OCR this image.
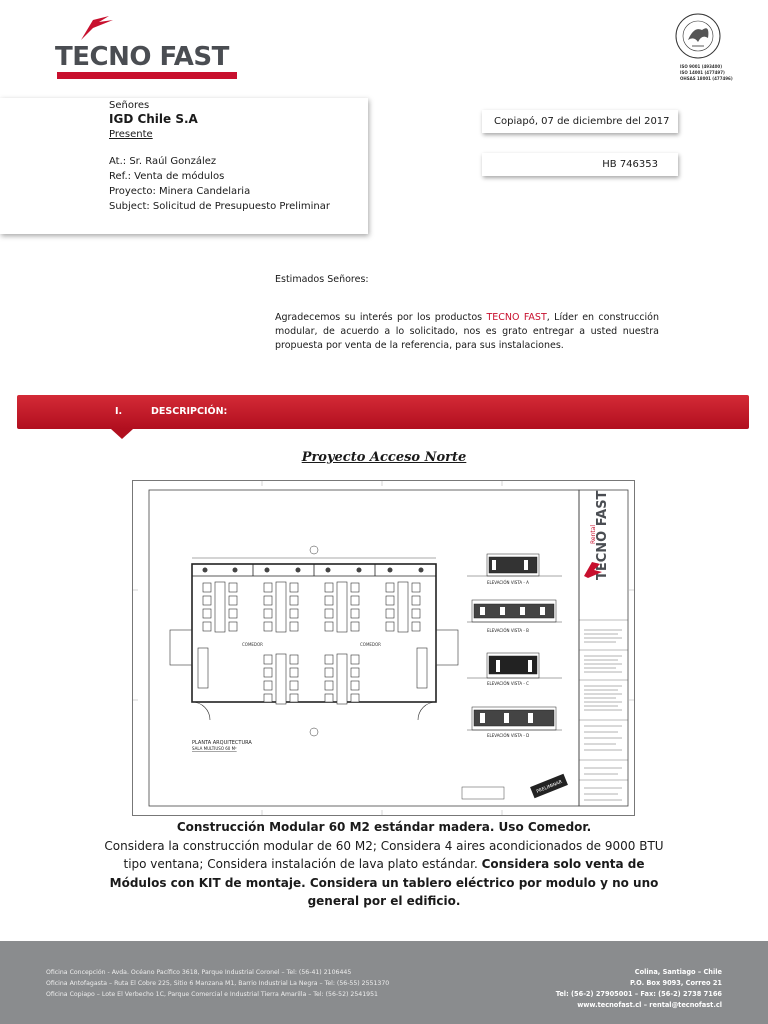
TECNO FAST	ISO 9001 (493400)
ISO 14001 (477497)
OHSAS 18001 (477496)
Señores
IGD Chile S.A
Presente
At.: Sr. Raúl González
Ref.: Venta de módulos
Proyecto: Minera Candelaria
Subject: Solicitud de Presupuesto Preliminar
Copiapó, 07 de diciembre del 2017
HB 746353
Estimados Señores:
Agradecemos su interés por los productos TECNO FAST, Líder en construcción modular, de acuerdo a lo solicitado, nos es grato entregar a usted nuestra propuesta por venta de la referencia, para sus instalaciones.
I.	DESCRIPCIÓN:
Proyecto Acceso Norte
COMEDOR	COMEDOR
PLANTA ARQUITECTURA
SALA MULTIUSO 60 M²
ELEVACIÓN VISTA - A
ELEVACIÓN VISTA - B
ELEVACIÓN VISTA - C
ELEVACIÓN VISTA - D
PRELIMINAR
TECNO FAST
Rental
Construcción Modular 60 M2 estándar madera. Uso Comedor.
Considera la construcción modular de 60 M2; Considera 4 aires acondicionados de 9000 BTU tipo ventana; Considera instalación de lava plato estándar. Considera solo venta de Módulos con KIT de montaje. Considera un tablero eléctrico por modulo y no uno general por el edificio.
Oficina Concepción - Avda. Océano Pacífico 3618, Parque Industrial Coronel – Tel: (56-41) 2106445
Oficina Antofagasta – Ruta El Cobre 225, Sitio 6 Manzana M1, Barrio Industrial La Negra – Tel: (56-55) 2551370
Oficina Copiapo – Lote El Verbecho 1C, Parque Comercial e Industrial Tierra Amarilla – Tel: (56-52) 2541951
Colina, Santiago – Chile
P.O. Box 9093, Correo 21
Tel: (56-2) 27905001 – Fax: (56-2) 2738 7166
www.tecnofast.cl – rental@tecnofast.cl
